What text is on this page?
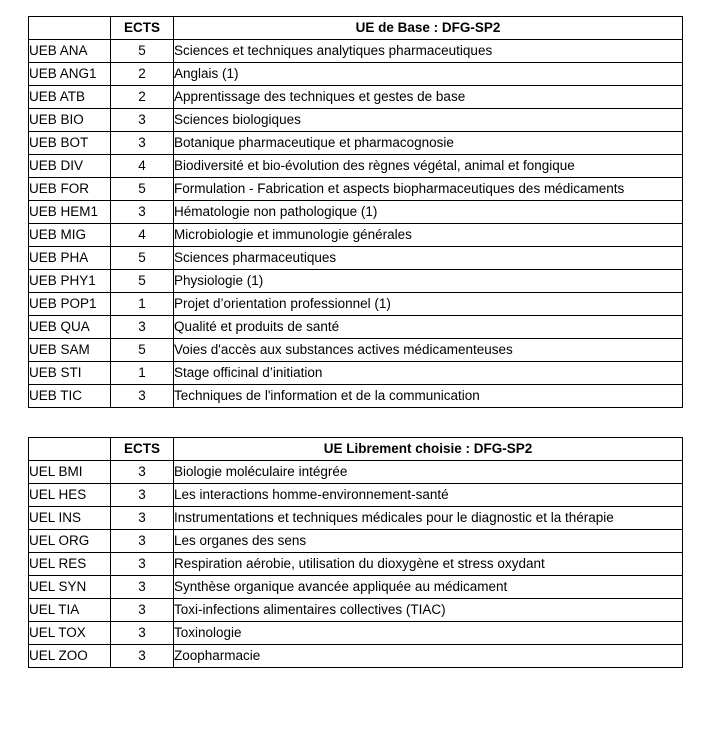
	ECTS	UE de Base : DFG-SP2
UEB ANA	5	Sciences et techniques analytiques pharmaceutiques
UEB ANG1	2	Anglais (1)
UEB ATB	2	Apprentissage des techniques et gestes de base
UEB BIO	3	Sciences biologiques
UEB BOT	3	Botanique pharmaceutique et pharmacognosie
UEB DIV	4	Biodiversité et bio-évolution des règnes végétal, animal et fongique
UEB FOR	5	Formulation - Fabrication et aspects biopharmaceutiques des médicaments
UEB HEM1	3	Hématologie non pathologique (1)
UEB MIG	4	Microbiologie et immunologie générales
UEB PHA	5	Sciences pharmaceutiques
UEB PHY1	5	Physiologie (1)
UEB POP1	1	Projet d’orientation professionnel (1)
UEB QUA	3	Qualité et produits de santé
UEB SAM	5	Voies d'accès aux substances actives médicamenteuses
UEB STI	1	Stage officinal d’initiation
UEB TIC	3	Techniques de l'information et de la communication
	ECTS	UE Librement choisie : DFG-SP2
UEL BMI	3	Biologie moléculaire intégrée
UEL HES	3	Les interactions homme-environnement-santé
UEL INS	3	Instrumentations et techniques médicales pour le diagnostic et la thérapie
UEL ORG	3	Les organes des sens
UEL RES	3	Respiration aérobie, utilisation du dioxygène et stress oxydant
UEL SYN	3	Synthèse organique avancée appliquée au médicament
UEL TIA	3	Toxi-infections alimentaires collectives (TIAC)
UEL TOX	3	Toxinologie
UEL ZOO	3	Zoopharmacie
